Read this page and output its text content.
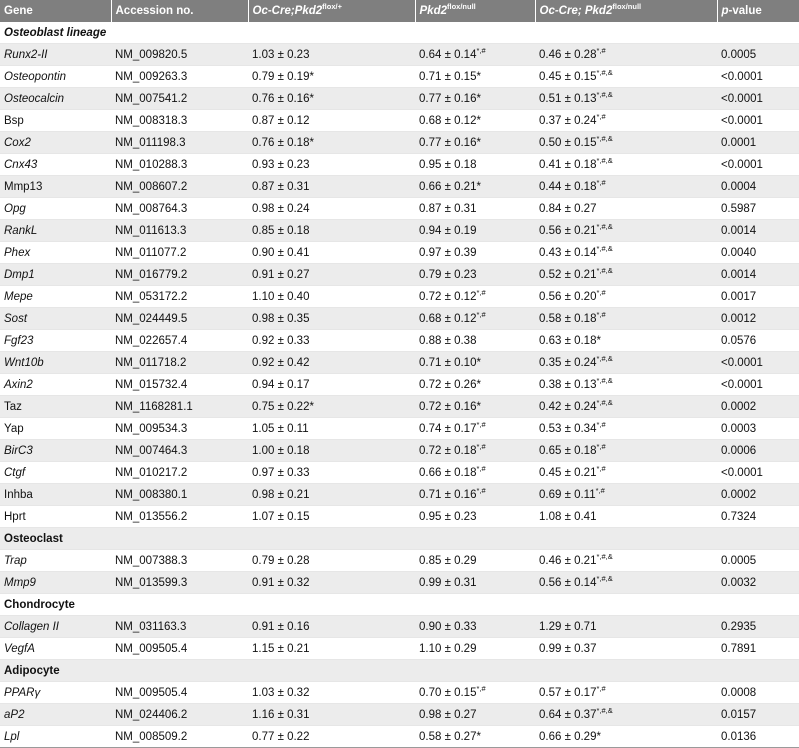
Gene	Accession no.	$Oc-Cre;Pkd2^{flox/+}$	$Pkd2^{flox/null}$	Oc-Cre; $Pkd2^{flox/null}$	p-value
Osteoblast lineage					
Runx2-II	NM_009820.5	1.03 ± 0.23	0.64 ± 0.14*,#	0.46 ± 0.28*,#	0.0005
Osteopontin	NM_009263.3	0.79 ± 0.19*	0.71 ± 0.15*	0.45 ± 0.15*,#,&	<0.0001
Osteocalcin	NM_007541.2	0.76 ± 0.16*	0.77 ± 0.16*	0.51 ± 0.13*,#,&	<0.0001
Bsp	NM_008318.3	0.87 ± 0.12	0.68 ± 0.12*	0.37 ± 0.24*,#	<0.0001
Cox2	NM_011198.3	0.76 ± 0.18*	0.77 ± 0.16*	0.50 ± 0.15*,#,&	0.0001
Cnx43	NM_010288.3	0.93 ± 0.23	0.95 ± 0.18	0.41 ± 0.18*,#,&	<0.0001
Mmp13	NM_008607.2	0.87 ± 0.31	0.66 ± 0.21*	0.44 ± 0.18*,#	0.0004
Opg	NM_008764.3	0.98 ± 0.24	0.87 ± 0.31	0.84 ± 0.27	0.5987
RankL	NM_011613.3	0.85 ± 0.18	0.94 ± 0.19	0.56 ± 0.21*,#,&	0.0014
Phex	NM_011077.2	0.90 ± 0.41	0.97 ± 0.39	0.43 ± 0.14*,#,&	0.0040
Dmp1	NM_016779.2	0.91 ± 0.27	0.79 ± 0.23	0.52 ± 0.21*,#,&	0.0014
Mepe	NM_053172.2	1.10 ± 0.40	0.72 ± 0.12*,#	0.56 ± 0.20*,#	0.0017
Sost	NM_024449.5	0.98 ± 0.35	0.68 ± 0.12*,#	0.58 ± 0.18*,#	0.0012
Fgf23	NM_022657.4	0.92 ± 0.33	0.88 ± 0.38	0.63 ± 0.18*	0.0576
Wnt10b	NM_011718.2	0.92 ± 0.42	0.71 ± 0.10*	0.35 ± 0.24*,#,&	<0.0001
Axin2	NM_015732.4	0.94 ± 0.17	0.72 ± 0.26*	0.38 ± 0.13*,#,&	<0.0001
Taz	NM_1168281.1	0.75 ± 0.22*	0.72 ± 0.16*	0.42 ± 0.24*,#,&	0.0002
Yap	NM_009534.3	1.05 ± 0.11	0.74 ± 0.17*,#	0.53 ± 0.34*,#	0.0003
BirC3	NM_007464.3	1.00 ± 0.18	0.72 ± 0.18*,#	0.65 ± 0.18*,#	0.0006
Ctgf	NM_010217.2	0.97 ± 0.33	0.66 ± 0.18*,#	0.45 ± 0.21*,#	<0.0001
Inhba	NM_008380.1	0.98 ± 0.21	0.71 ± 0.16*,#	0.69 ± 0.11*,#	0.0002
Hprt	NM_013556.2	1.07 ± 0.15	0.95 ± 0.23	1.08 ± 0.41	0.7324
Osteoclast					
Trap	NM_007388.3	0.79 ± 0.28	0.85 ± 0.29	0.46 ± 0.21*,#,&	0.0005
Mmp9	NM_013599.3	0.91 ± 0.32	0.99 ± 0.31	0.56 ± 0.14*,#,&	0.0032
Chondrocyte					
Collagen II	NM_031163.3	0.91 ± 0.16	0.90 ± 0.33	1.29 ± 0.71	0.2935
VegfA	NM_009505.4	1.15 ± 0.21	1.10 ± 0.29	0.99 ± 0.37	0.7891
Adipocyte					
PPARγ	NM_009505.4	1.03 ± 0.32	0.70 ± 0.15*,#	0.57 ± 0.17*,#	0.0008
aP2	NM_024406.2	1.16 ± 0.31	0.98 ± 0.27	0.64 ± 0.37*,#,&	0.0157
Lpl	NM_008509.2	0.77 ± 0.22	0.58 ± 0.27*	0.66 ± 0.29*	0.0136
